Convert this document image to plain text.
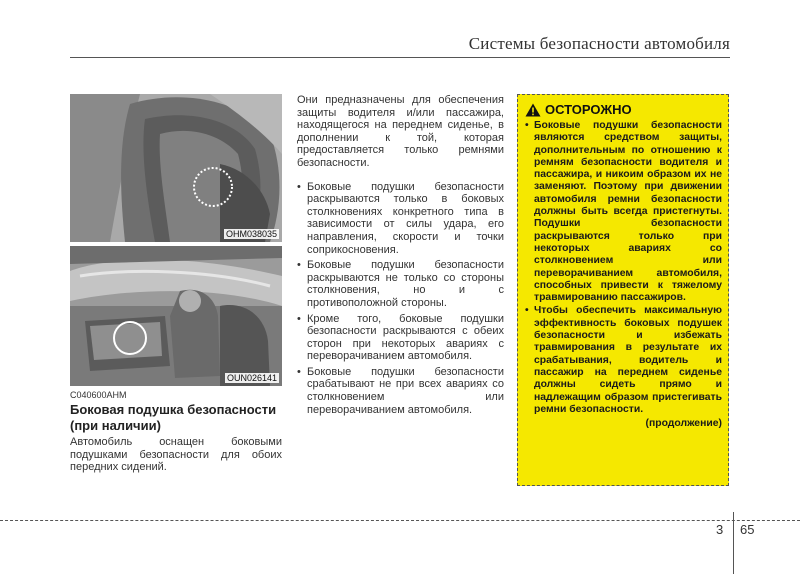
Системы безопасности автомобиля
OHM038035
OUN026141
C040600AHM
Боковая подушка безопасности (при наличии)
Автомобиль оснащен боковыми подушками безопасности для обоих передних сидений.

Они предназначены для обеспечения защиты водителя и/или пассажира, находящегося на переднем сиденье, в дополнении к той, которая предоставляется только ремнями безопасности.

• Боковые подушки безопасности раскрываются только в боковых столкновениях конкретного типа в зависимости от силы удара, его направления, скорости и точки соприкосновения.
• Боковые подушки безопасности раскрываются не только со стороны столкновения, но и с противоположной стороны.
• Кроме того, боковые подушки безопасности раскрываются с обеих сторон при некоторых авариях с переворачиванием автомобиля.
• Боковые подушки безопасности срабатывают не при всех авариях со столкновением или переворачиванием автомобиля.
ОСТОРОЖНО
• Боковые подушки безопасности являются средством защиты, дополнительным по отношению к ремням безопасности водителя и пассажира, и никоим образом их не заменяют. Поэтому при движении автомобиля ремни безопасности должны быть всегда пристегнуты. Подушки безопасности раскрываются только при некоторых авариях со столкновением или переворачиванием автомобиля, способных привести к тяжелому травмированию пассажиров.
• Чтобы обеспечить максимальную эффективность боковых подушек безопасности и избежать травмирования в результате их срабатывания, водитель и пассажир на переднем сиденье должны сидеть прямо и надлежащим образом пристегивать ремни безопасности.
(продолжение)
3 65
